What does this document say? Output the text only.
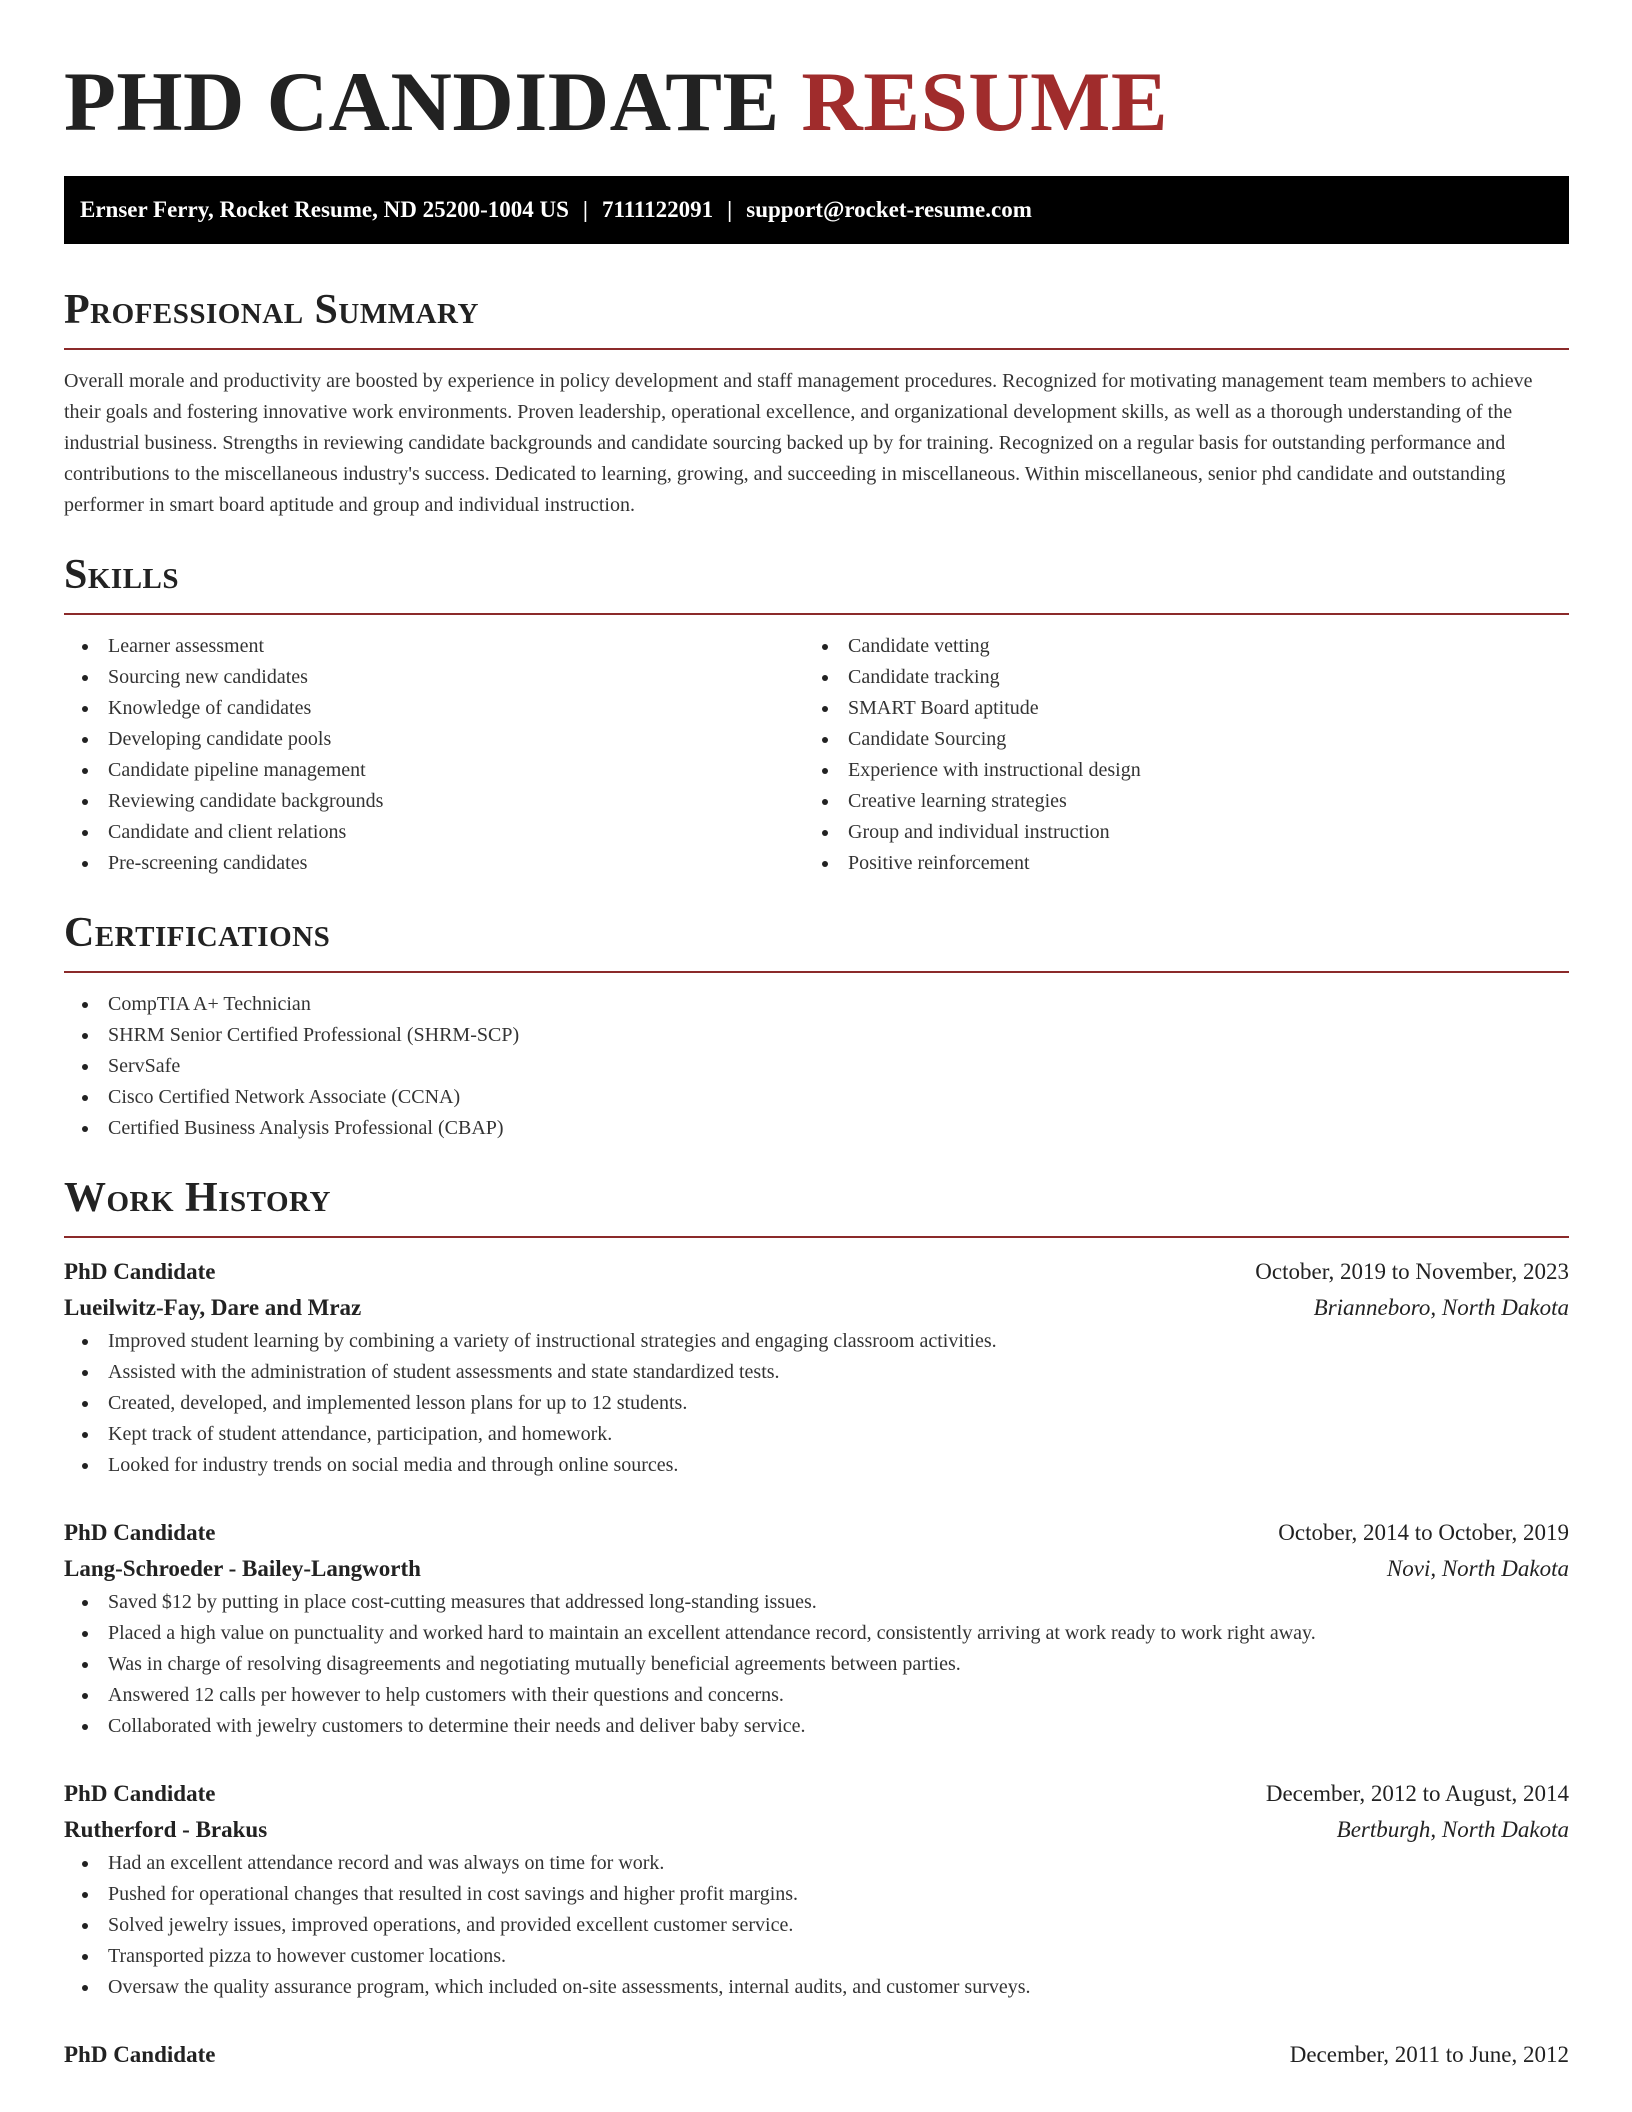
PHD CANDIDATE RESUME
Ernser Ferry, Rocket Resume, ND 25200-1004 US | 7111122091 | support@rocket-resume.com
Professional Summary
Overall morale and productivity are boosted by experience in policy development and staff management procedures. Recognized for motivating management team members to achieve their goals and fostering innovative work environments. Proven leadership, operational excellence, and organizational development skills, as well as a thorough understanding of the industrial business. Strengths in reviewing candidate backgrounds and candidate sourcing backed up by for training. Recognized on a regular basis for outstanding performance and contributions to the miscellaneous industry's success. Dedicated to learning, growing, and succeeding in miscellaneous. Within miscellaneous, senior phd candidate and outstanding performer in smart board aptitude and group and individual instruction.
Skills
Learner assessment
Sourcing new candidates
Knowledge of candidates
Developing candidate pools
Candidate pipeline management
Reviewing candidate backgrounds
Candidate and client relations
Pre-screening candidates
Candidate vetting
Candidate tracking
SMART Board aptitude
Candidate Sourcing
Experience with instructional design
Creative learning strategies
Group and individual instruction
Positive reinforcement
Certifications
CompTIA A+ Technician
SHRM Senior Certified Professional (SHRM-SCP)
ServSafe
Cisco Certified Network Associate (CCNA)
Certified Business Analysis Professional (CBAP)
Work History
PhD Candidate	October, 2019 to November, 2023
Lueilwitz-Fay, Dare and Mraz	Brianneboro, North Dakota
Improved student learning by combining a variety of instructional strategies and engaging classroom activities.
Assisted with the administration of student assessments and state standardized tests.
Created, developed, and implemented lesson plans for up to 12 students.
Kept track of student attendance, participation, and homework.
Looked for industry trends on social media and through online sources.
PhD Candidate	October, 2014 to October, 2019
Lang-Schroeder - Bailey-Langworth	Novi, North Dakota
Saved $12 by putting in place cost-cutting measures that addressed long-standing issues.
Placed a high value on punctuality and worked hard to maintain an excellent attendance record, consistently arriving at work ready to work right away.
Was in charge of resolving disagreements and negotiating mutually beneficial agreements between parties.
Answered 12 calls per however to help customers with their questions and concerns.
Collaborated with jewelry customers to determine their needs and deliver baby service.
PhD Candidate	December, 2012 to August, 2014
Rutherford - Brakus	Bertburgh, North Dakota
Had an excellent attendance record and was always on time for work.
Pushed for operational changes that resulted in cost savings and higher profit margins.
Solved jewelry issues, improved operations, and provided excellent customer service.
Transported pizza to however customer locations.
Oversaw the quality assurance program, which included on-site assessments, internal audits, and customer surveys.
PhD Candidate	December, 2011 to June, 2012
